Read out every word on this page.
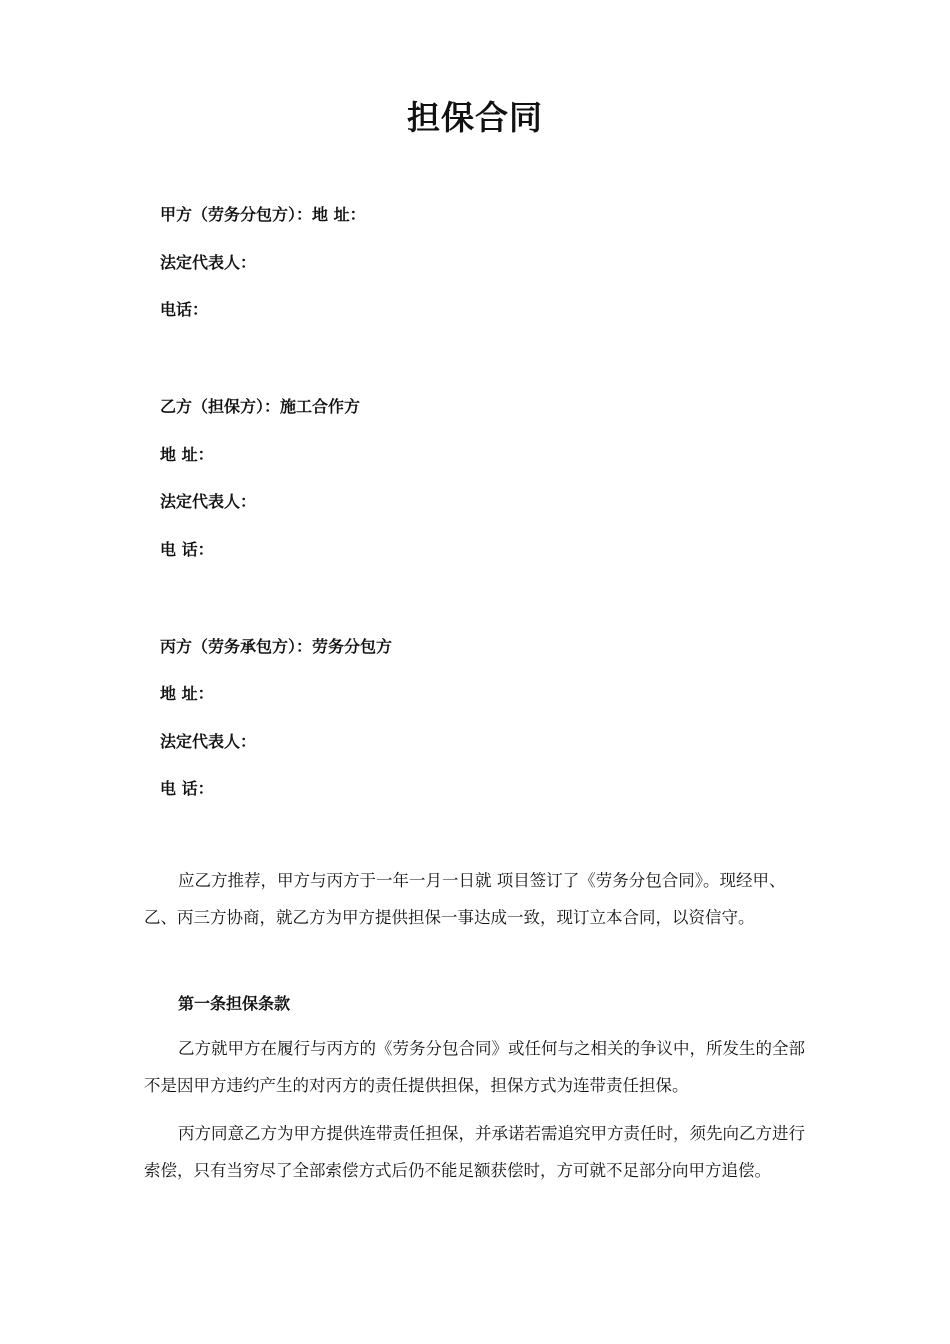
担保合同
甲方（劳务分包方）：地 址：
法定代表人：
电话：
乙方（担保方）：施工合作方
地 址：
法定代表人：
电 话：
丙方（劳务承包方）：劳务分包方
地 址：
法定代表人：
电 话：
应乙方推荐，甲方与丙方于一年一月一日就 项目签订了《劳务分包合同》。现经甲、乙、丙三方协商，就乙方为甲方提供担保一事达成一致，现订立本合同，以资信守。
第一条担保条款
乙方就甲方在履行与丙方的《劳务分包合同》或任何与之相关的争议中，所发生的全部 不是因甲方违约产生的对丙方的责任提供担保，担保方式为连带责任担保。
丙方同意乙方为甲方提供连带责任担保，并承诺若需追究甲方责任时，须先向乙方进行 索偿，只有当穷尽了全部索偿方式后仍不能足额获偿时，方可就不足部分向甲方追偿。
